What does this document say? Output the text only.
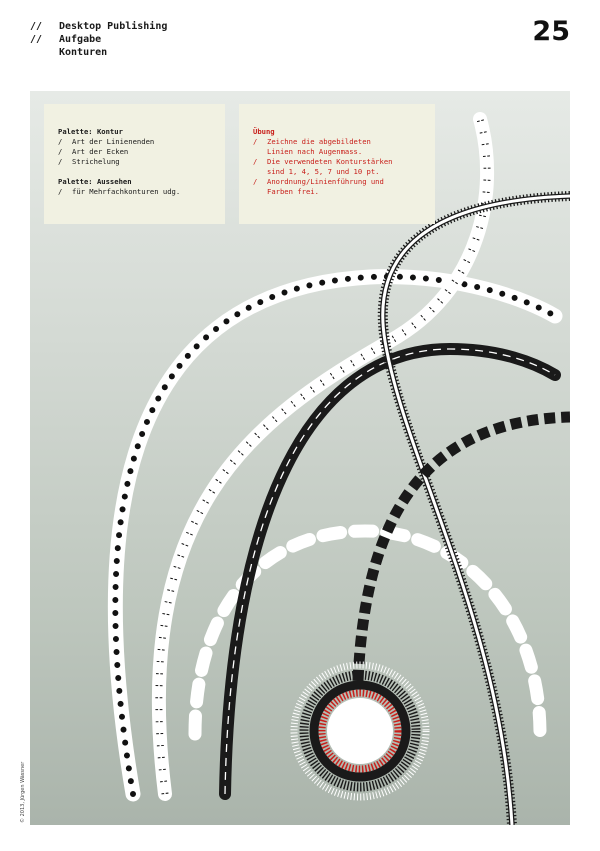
//	Desktop Publishing
//	Aufgabe
Konturen
25
Palette: Kontur
/	Art der Linienenden
/	Art der Ecken
/	Strichelung
Palette: Aussehen
/	für Mehrfachkonturen udg.
Übung
/	Zeichne die abgebildeten
Linien nach Augenmass.
/	Die verwendeten Konturstärken
sind 1, 4, 5, 7 und 10 pt.
/	Anordnung/Linienführung und
Farben frei.
© 2013, Jürgen Wässner
